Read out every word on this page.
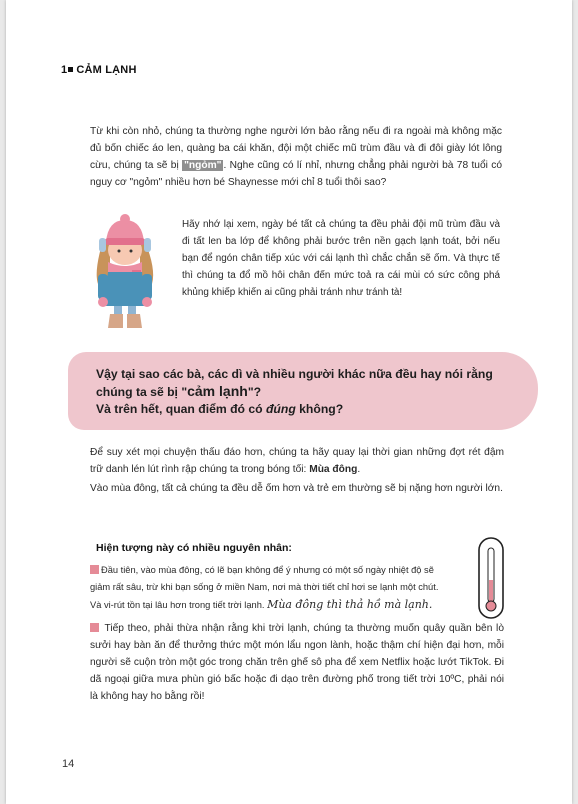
1 CẢM LẠNH
Từ khi còn nhỏ, chúng ta thường nghe người lớn bảo rằng nếu đi ra ngoài mà không mặc đủ bốn chiếc áo len, quàng ba cái khăn, đội một chiếc mũ trùm đầu và đi đôi giày lót lông cừu, chúng ta sẽ bị "ngỏm" . Nghe cũng có lí nhỉ, nhưng chẳng phải người bà 78 tuổi có nguy cơ "ngỏm" nhiều hơn bé Shaynesse mới chỉ 8 tuổi thôi sao?
Hãy nhớ lại xem, ngày bé tất cả chúng ta đều phải đội mũ trùm đầu và đi tất len ba lớp để không phải bước trên nền gạch lạnh toát, bởi nếu bạn để ngón chân tiếp xúc với cái lạnh thì chắc chắn sẽ ốm. Và thực tế thì chúng ta đổ mồ hôi chân đến mức toả ra cái mùi có sức công phá khủng khiếp khiến ai cũng phải tránh như tránh tà!
Vậy tại sao các bà, các dì và nhiều người khác nữa đều hay nói rằng
chúng ta sẽ bị "cảm lạnh"?
Và trên hết, quan điểm đó có đúng không?
Để suy xét mọi chuyện thấu đáo hơn, chúng ta hãy quay lại thời gian những đợt rét đậm trữ danh lén lút rình rập chúng ta trong bóng tối: Mùa đông.
Vào mùa đông, tất cả chúng ta đều dễ ốm hơn và trẻ em thường sẽ bị nặng hơn người lớn.
Hiện tượng này có nhiều nguyên nhân:
Đầu tiên, vào mùa đông, có lẽ bạn không để ý nhưng có một số ngày nhiệt độ sẽ
giảm rất sâu, trừ khi bạn sống ở miền Nam, nơi mà thời tiết chỉ hơi se lạnh một chút.
Và vi-rút tồn tại lâu hơn trong tiết trời lạnh. Mùa đông thì thả hồ mà lạnh.
Tiếp theo, phải thừa nhận rằng khi trời lạnh, chúng ta thường muốn quây quần bên lò sưởi hay bàn ăn để thưởng thức một món lẩu ngon lành, hoặc thậm chí hiện đại hơn, mỗi người sẽ cuộn tròn một góc trong chăn trên ghế sô pha để xem Netflix hoặc lướt TikTok. Đi dã ngoại giữa mưa phùn gió bấc hoặc đi dạo trên đường phố trong tiết trời 10ºC, phải nói là không hay ho bằng rồi!
14
